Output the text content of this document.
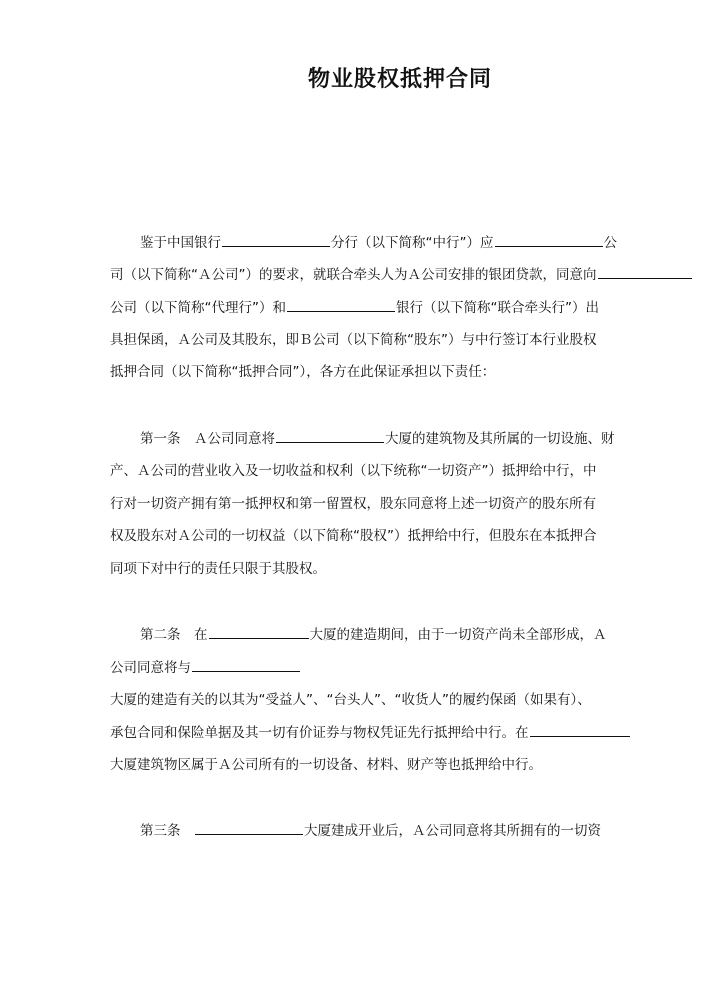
物业股权抵押合同
鉴于中国银行	分行（以下简称“中行”）应	公
司（以下简称“Ａ公司”）的要求，就联合牵头人为Ａ公司安排的银团贷款，同意向
公司（以下简称“代理行”）和	银行（以下简称“联合牵头行”）出
具担保函，Ａ公司及其股东，即Ｂ公司（以下简称“股东”）与中行签订本行业股权
抵押合同（以下简称“抵押合同”），各方在此保证承担以下责任：
第一条　Ａ公司同意将	大厦的建筑物及其所属的一切设施、财
产、Ａ公司的营业收入及一切收益和权利（以下统称“一切资产”）抵押给中行，中
行对一切资产拥有第一抵押权和第一留置权，股东同意将上述一切资产的股东所有
权及股东对Ａ公司的一切权益（以下简称“股权”）抵押给中行，但股东在本抵押合
同项下对中行的责任只限于其股权。
第二条　在	大厦的建造期间，由于一切资产尚未全部形成，Ａ
公司同意将与
大厦的建造有关的以其为“受益人”、“台头人”、“收货人”的履约保函（如果有）、
承包合同和保险单据及其一切有价证券与物权凭证先行抵押给中行。在
大厦建筑物区属于Ａ公司所有的一切设备、材料、财产等也抵押给中行。
第三条　	大厦建成开业后，Ａ公司同意将其所拥有的一切资
